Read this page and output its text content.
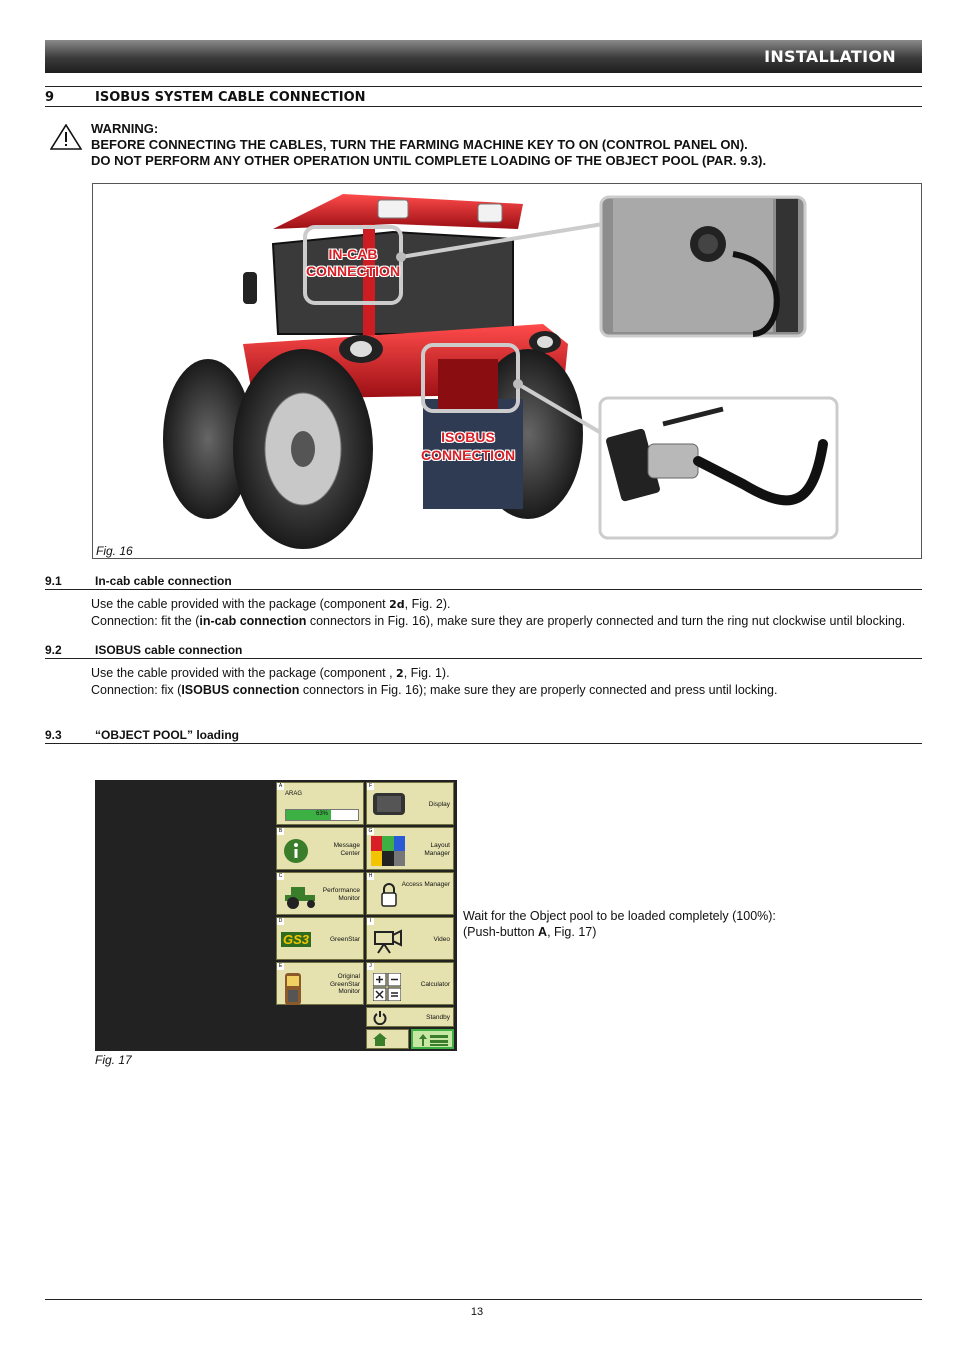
INSTALLATION
9	ISOBUS SYSTEM CABLE CONNECTION
WARNING:
BEFORE CONNECTING THE CABLES, TURN THE FARMING MACHINE KEY TO ON (CONTROL PANEL ON).
DO NOT PERFORM ANY OTHER OPERATION UNTIL COMPLETE LOADING OF THE OBJECT POOL (PAR. 9.3).
IN-CAB
CONNECTION
ISOBUS
CONNECTION
Fig. 16
9.1	In-cab cable connection
Use the cable provided with the package (component 2d, Fig. 2).
Connection: fit the (in-cab connection connectors in Fig. 16), make sure they are properly connected and turn the ring nut clockwise until blocking.
9.2	ISOBUS cable connection
Use the cable provided with the package (component , 2, Fig. 1).
Connection: fix (ISOBUS connection connectors in Fig. 16); make sure they are properly connected and press until locking.
9.3	“OBJECT POOL” loading
A
ARAG
63%
B
Message
Center
C
Performance
Monitor
D
GS3	GreenStar
E
Original
GreenStar
Monitor
F
Display
G
Layout
Manager
H
Access Manager
I
Video
J
Calculator
Standby
Fig. 17
Wait for the Object pool to be loaded completely (100%):
(Push-button A, Fig. 17)
13
